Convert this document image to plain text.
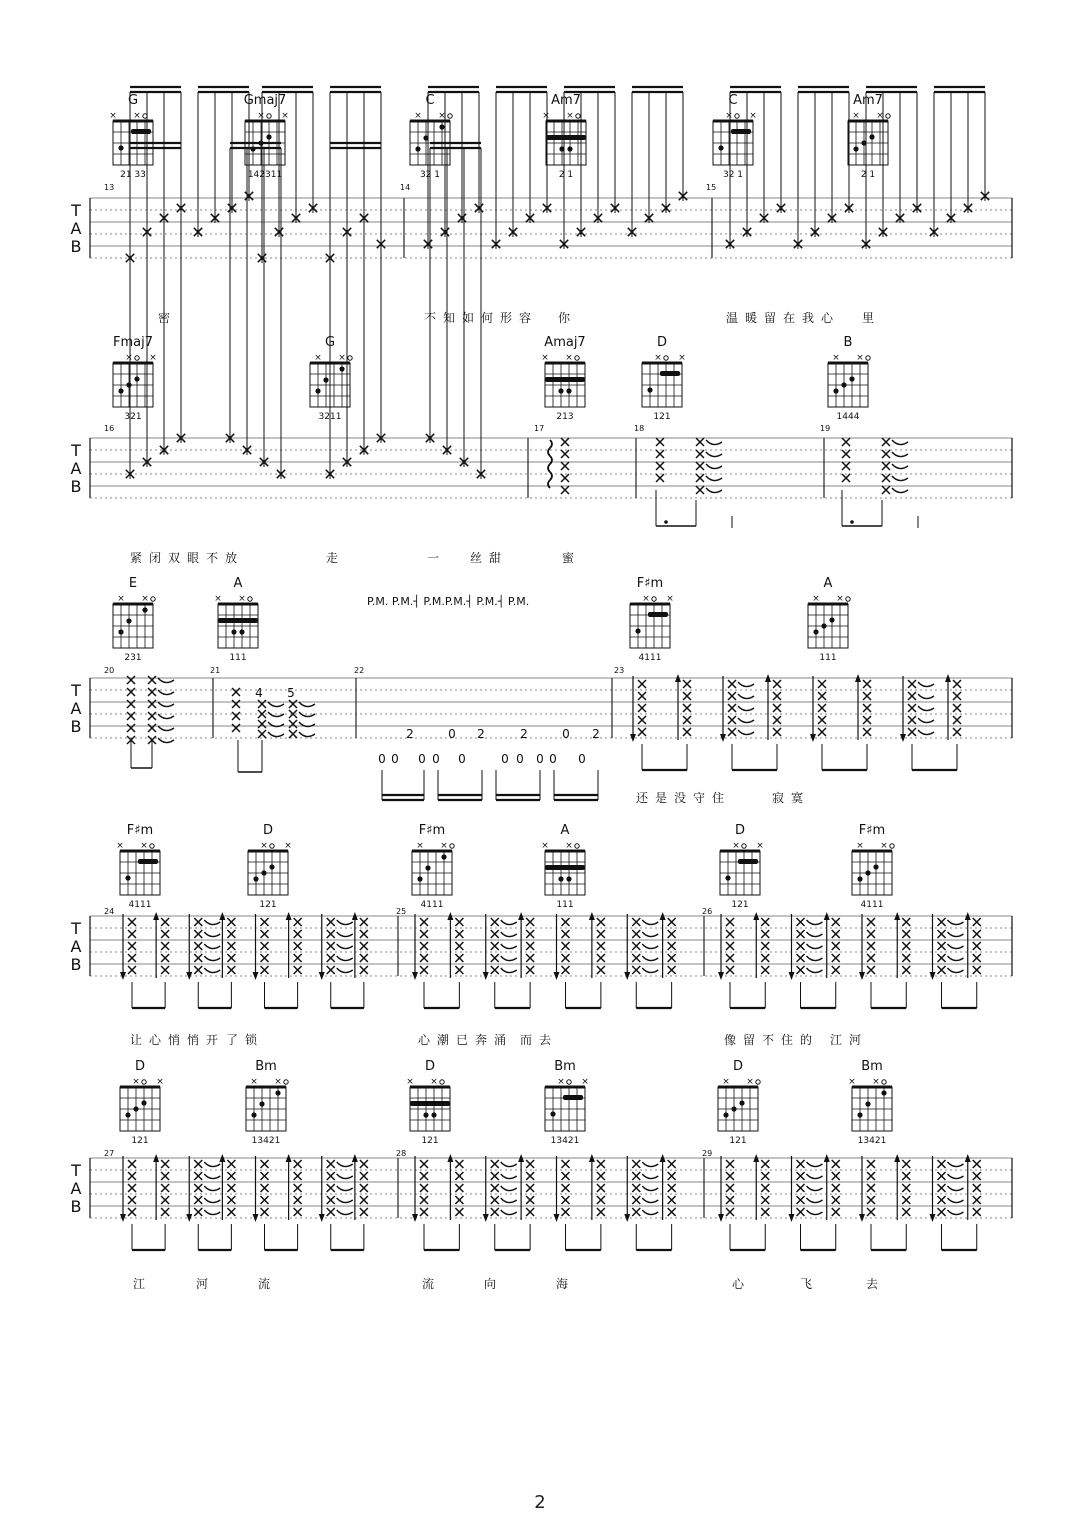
G
× ×
21 33
Gmaj7
× ×
142311
C
× ×
32 1
Am7
× ×
2 1
C
× ×
32 1
Am7
× ×
2 1
T
A
B
13	14	15
密	不知如何形容 你	温暖留在我心 里
Fmaj7
× ×
321
G
× ×
3211
Amaj7
× ×
213
D
× ×
121
B
× ×
1444
T
A
B
16	17	18	19
紧闭双眼不放	走	一 丝甜	蜜
E
× ×
231
A
× ×
111
F♯m
× ×
4111
A
× ×
111
P.M. P.M.┤ P.M.P.M.┤ P.M.┤ P.M.
T
A
B
20	21	22	23
4 5
2	0 2	2	0 2
0 0 0 0 0	0 0 0 0 0
还是没守住	寂寞
F♯m
× ×
4111
D
× ×
121
F♯m
× ×
4111
A
× ×
111
D
× ×
121
F♯m
× ×
4111
T
A
B
24	25	26
让心悄悄开 了锁	心潮已奔涌 而去	像留不住的 江河
D
× ×
121
Bm
× ×
13421
D
× ×
121
Bm
× ×
13421
D
× ×
121
Bm
× ×
13421
T
A
B
27	28	29
江	河	流	流	向	海	心	飞	去
2
